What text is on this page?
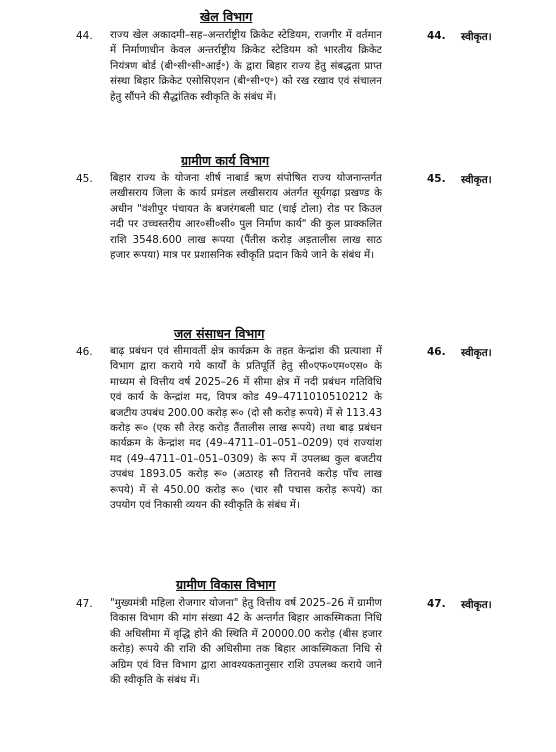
खेल विभाग
44. राज्य खेल अकादमी–सह–अन्तर्राष्ट्रीय क्रिकेट स्टेडियम, राजगीर में वर्तमान में निर्माणाधीन केवल अन्तर्राष्ट्रीय क्रिकेट स्टेडियम को भारतीय क्रिकेट नियंत्रण बोर्ड (बी॰सी॰सी॰आई॰) के द्वारा बिहार राज्य हेतु संबद्धता प्राप्त संस्था बिहार क्रिकेट एसोसिएशन (बी॰सी॰ए॰) को रख रखाव एवं संचालन हेतु सौंपने की सैद्धांतिक स्वीकृति के संबंध में।

44. स्वीकृत।
ग्रामीण कार्य विभाग
45. बिहार राज्य के योजना शीर्ष नाबार्ड ऋण संपोषित राज्य योजनान्तर्गत लखीसराय जिला के कार्य प्रमंडल लखीसराय अंतर्गत सूर्यगढ़ा प्रखण्ड के अधीन "वंशीपुर पंचायत के बजरंगबली घाट (चाई टोला) रोड पर किउल नदी पर उच्चस्तरीय आर०सी०सी० पुल निर्माण कार्य" की कुल प्राक्कलित राशि 3548.600 लाख रूपया (पैंतीस करोड़ अड़तालीस लाख साठ हजार रूपया) मात्र पर प्रशासनिक स्वीकृति प्रदान किये जाने के संबंध में।

45. स्वीकृत।
जल संसाधन विभाग
46. बाढ़ प्रबंधन एवं सीमावर्ती क्षेत्र कार्यक्रम के तहत केन्द्रांश की प्रत्याशा में विभाग द्वारा कराये गये कार्यों के प्रतिपूर्ति हेतु सी०एफ०एम०एस० के माध्यम से वित्तीय वर्ष 2025–26 में सीमा क्षेत्र में नदी प्रबंधन गतिविधि एवं कार्य के केन्द्रांश मद, विपत्र कोड 49–4711010510212 के बजटीय उपबंध 200.00 करोड़ रू० (दो सौ करोड़ रूपये) में से 113.43 करोड़ रू० (एक सौ तेरह करोड़ तैंतालीस लाख रूपये) तथा बाढ़ प्रबंधन कार्यक्रम के केन्द्रांश मद (49–4711–01–051–0209) एवं राज्यांश मद (49–4711–01–051–0309) के रूप में उपलब्ध कुल बजटीय उपबंध 1893.05 करोड़ रू० (अठारह सौ तिरानवे करोड़ पाँच लाख रूपये) में से 450.00 करोड़ रू० (चार सौ पचास करोड़ रूपये) का उपयोग एवं निकासी व्ययन की स्वीकृति के संबंध में।

46. स्वीकृत।
ग्रामीण विकास विभाग
47. "मुख्यमंत्री महिला रोजगार योजना" हेतु वित्तीय वर्ष 2025–26 में ग्रामीण विकास विभाग की मांग संख्या 42 के अन्तर्गत बिहार आकस्मिकता निधि की अधिसीमा में वृद्धि होने की स्थिति में 20000.00 करोड़ (बीस हजार करोड़) रूपये की राशि की अधिसीमा तक बिहार आकस्मिकता निधि से अग्रिम एवं वित्त विभाग द्वारा आवश्यकतानुसार राशि उपलब्ध कराये जाने की स्वीकृति के संबंध में।

47. स्वीकृत।
